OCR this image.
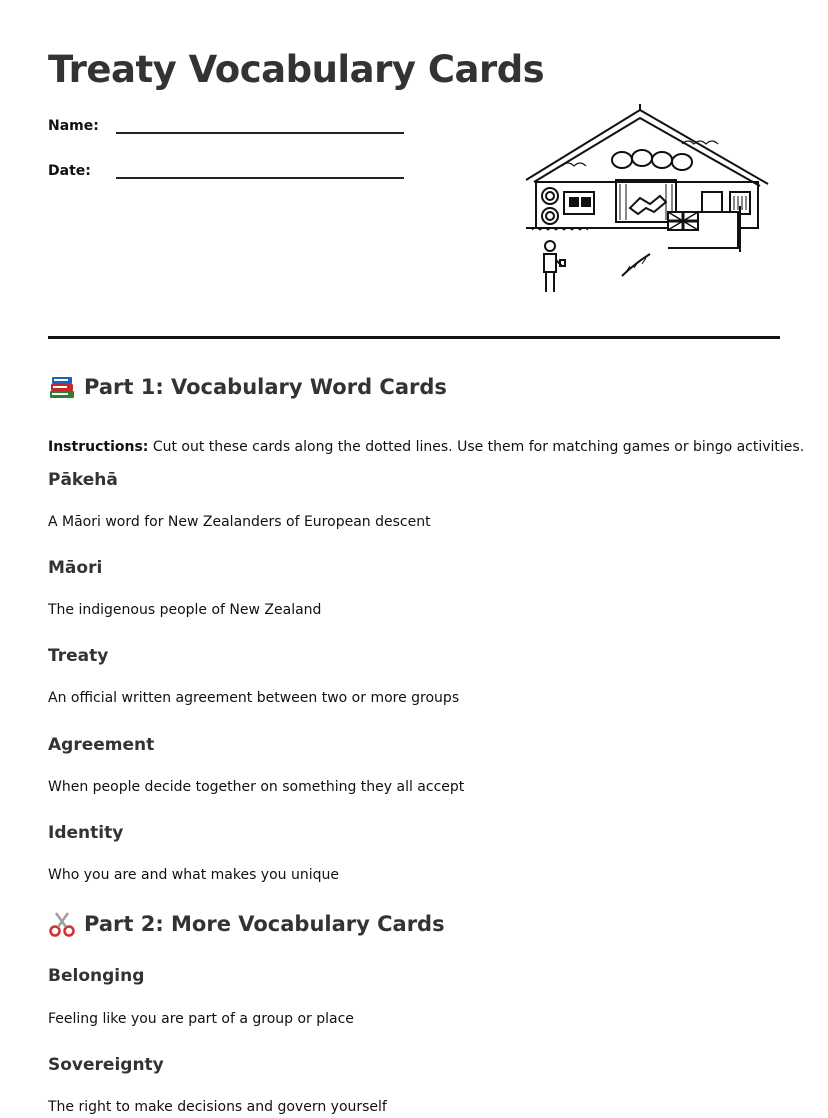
Treaty Vocabulary Cards
Name:
Date:
Part 1: Vocabulary Word Cards

Instructions: Cut out these cards along the dotted lines. Use them for matching games or bingo activities.

Pākehā

A Māori word for New Zealanders of European descent

Māori

The indigenous people of New Zealand

Treaty

An official written agreement between two or more groups

Agreement

When people decide together on something they all accept

Identity

Who you are and what makes you unique

Part 2: More Vocabulary Cards
Belonging

Feeling like you are part of a group or place

Sovereignty

The right to make decisions and govern yourself
